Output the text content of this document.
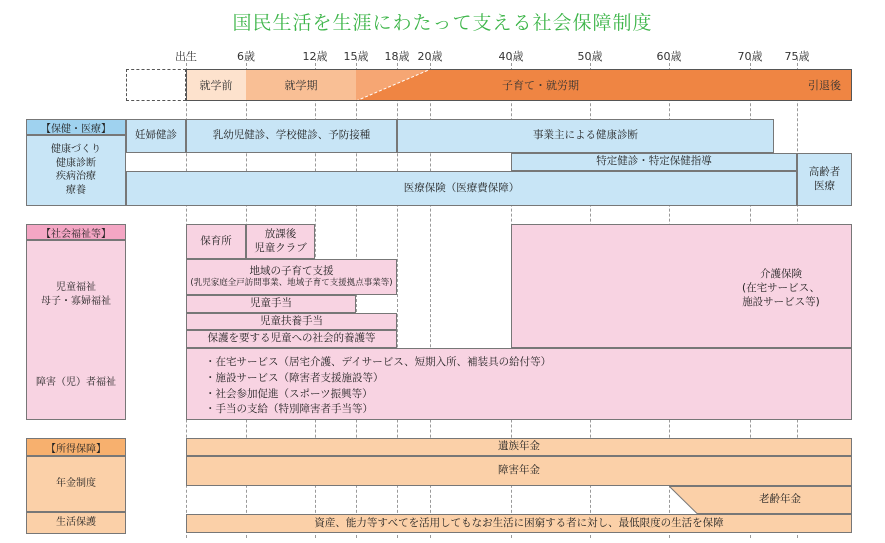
国民生活を生涯にわたって支える社会保障制度
出生	6歳	12歳 15歳 18歳 20歳	40歳	50歳	60歳	70歳 75歳
就学前	就学期	子育て・就労期	引退後
【保健・医療】
健康づくり
健康診断
疾病治療
療養
妊婦健診	乳幼児健診、学校健診、予防接種	事業主による健康診断
特定健診・特定保健指導
医療保険（医療費保障）
高齢者
医療
【社会福祉等】
児童福祉
母子・寡婦福祉
障害（児）者福祉
保育所
放課後
児童クラブ
地域の子育て支援
(乳児家庭全戸訪問事業、地域子育て支援拠点事業等)
児童手当
児童扶養手当
保護を要する児童への社会的養護等
介護保険
(在宅サービス、
施設サービス等)
・在宅サービス（居宅介護、デイサービス、短期入所、補装具の給付等）
・施設サービス（障害者支援施設等）
・社会参加促進（スポーツ振興等）
・手当の支給（特別障害者手当等）
【所得保障】
年金制度
生活保護
遺族年金
障害年金
老齢年金
資産、能力等すべてを活用してもなお生活に困窮する者に対し、最低限度の生活を保障
